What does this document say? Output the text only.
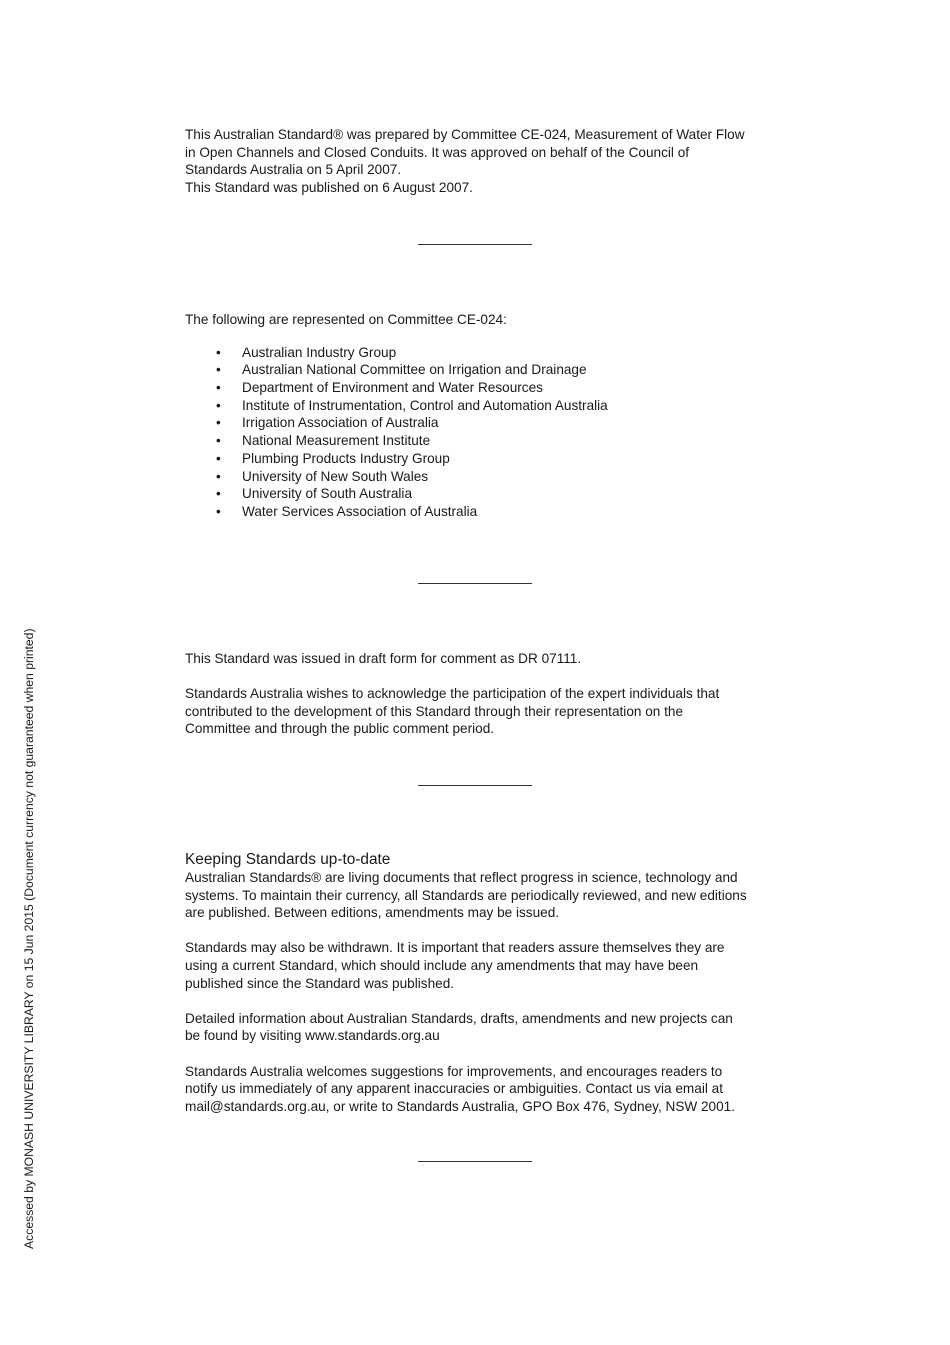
This Australian Standard® was prepared by Committee CE-024, Measurement of Water Flow

in Open Channels and Closed Conduits. It was approved on behalf of the Council of

Standards Australia on 5 April 2007.

This Standard was published on 6 August 2007.

The following are represented on Committee CE-024:

• Australian Industry Group
• Australian National Committee on Irrigation and Drainage
• Department of Environment and Water Resources
• Institute of Instrumentation, Control and Automation Australia
• Irrigation Association of Australia
• National Measurement Institute
• Plumbing Products Industry Group
• University of New South Wales
• University of South Australia
• Water Services Association of Australia

This Standard was issued in draft form for comment as DR 07111.

Standards Australia wishes to acknowledge the participation of the expert individuals that

contributed to the development of this Standard through their representation on the

Committee and through the public comment period.

Keeping Standards up-to-date

Australian Standards® are living documents that reflect progress in science, technology and

systems. To maintain their currency, all Standards are periodically reviewed, and new editions

are published. Between editions, amendments may be issued.

Standards may also be withdrawn. It is important that readers assure themselves they are

using a current Standard, which should include any amendments that may have been

published since the Standard was published.

Detailed information about Australian Standards, drafts, amendments and new projects can

be found by visiting www.standards.org.au

Standards Australia welcomes suggestions for improvements, and encourages readers to

notify us immediately of any apparent inaccuracies or ambiguities. Contact us via email at

mail@standards.org.au, or write to Standards Australia, GPO Box 476, Sydney, NSW 2001.

Accessed by MONASH UNIVERSITY LIBRARY on 15 Jun 2015 (Document currency not guaranteed when printed)
